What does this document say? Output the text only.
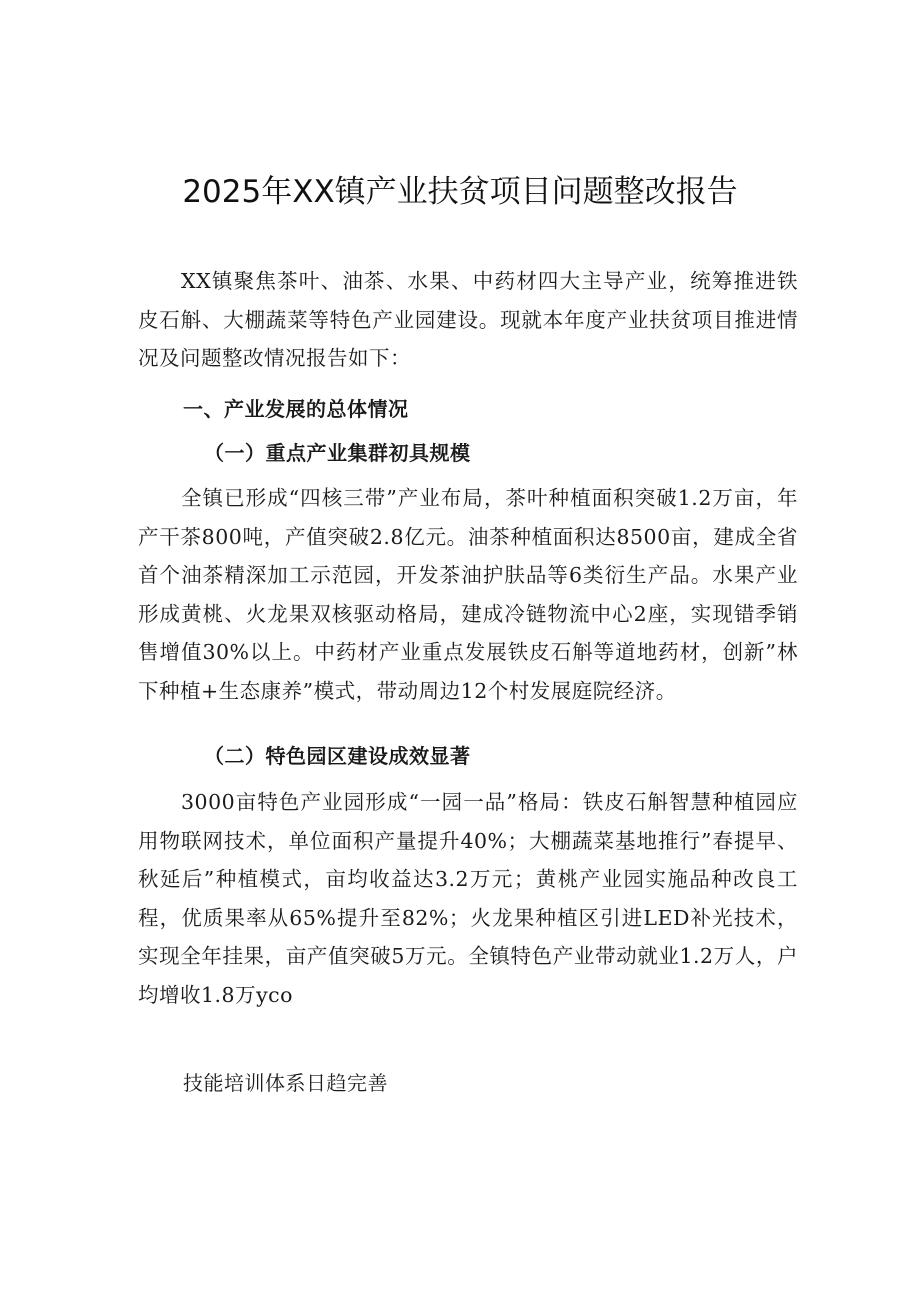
2025年XX镇产业扶贫项目问题整改报告

XX镇聚焦茶叶、油茶、水果、中药材四大主导产业，统筹推进铁皮石斛、大棚蔬菜等特色产业园建设。现就本年度产业扶贫项目推进情况及问题整改情况报告如下：

一、产业发展的总体情况
（一）重点产业集群初具规模

全镇已形成“四核三带”产业布局，茶叶种植面积突破1.2万亩，年产干茶800吨，产值突破2.8亿元。油茶种植面积达8500亩，建成全省首个油茶精深加工示范园，开发茶油护肤品等6类衍生产品。水果产业形成黄桃、火龙果双核驱动格局，建成冷链物流中心2座，实现错季销售增值30%以上。中药材产业重点发展铁皮石斛等道地药材，创新”林下种植+生态康养”模式，带动周边12个村发展庭院经济。

（二）特色园区建设成效显著

3000亩特色产业园形成“一园一品”格局：铁皮石斛智慧种植园应用物联网技术，单位面积产量提升40%；大棚蔬菜基地推行”春提早、秋延后”种植模式，亩均收益达3.2万元；黄桃产业园实施品种改良工程，优质果率从65%提升至82%；火龙果种植区引进LED补光技术，实现全年挂果，亩产值突破5万元。全镇特色产业带动就业1.2万人，户均增收1.8万yco

技能培训体系日趋完善
